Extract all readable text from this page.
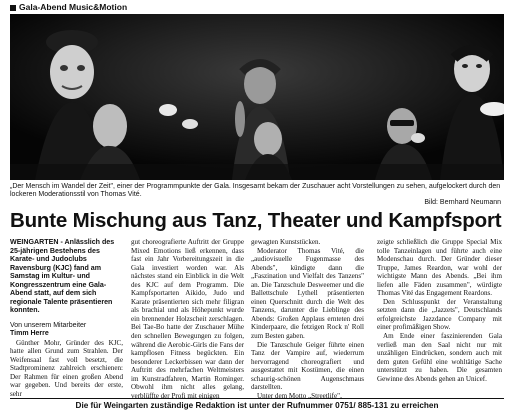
Gala-Abend Music&Motion
„Der Mensch im Wandel der Zeit", einer der Programmpunkte der Gala. Insgesamt bekam der Zuschauer acht Vorstellungen zu sehen, aufgelockert durch den lockeren Moderationsstil von Thomas Vité.
Bild: Bernhard Neumann
Bunte Mischung aus Tanz, Theater und Kampfsport
WEINGARTEN - Anlässlich des 25-jährigen Bestehens des Karate- und Judoclubs Ravensburg (KJC) fand am Samstag im Kultur- und Kongresszentrum eine Gala-Abend statt, auf dem sich regionale Talente präsentieren konnten.
Von unserem Mitarbeiter
Timm Herre

Günther Mohr, Gründer des KJC, hatte allen Grund zum Strahlen. Der Weifensaal fast voll besetzt, die Stadtprominenz zahlreich erschienen: Der Rahmen für einen großen Abend war gegeben. Und bereits der erste, sehr

gut choreografierte Auftritt der Gruppe Mixed Emotions ließ erkennen, dass fast ein Jahr Vorbereitungszeit in die Gala investiert worden war. Als nächstes stand ein Einblick in die Welt des KJC auf dem Programm. Die Kampfsportarten Aikido, Judo und Karate präsentierten sich mehr filigran als brachial und als Höhepunkt wurde ein brennender Holzscheit zerschlagen. Bei Tae-Bo hatte der Zuschauer Mühe den schnellen Bewegungen zu folgen, während die Aerobic-Girls die Fans der kampflosen Fitness begückten. Ein besonderer Leckerbissen war dann der Auftritt des mehrfachen Weltmeisters im Kunstradfahren, Martin Rominger. Obwohl ihm nicht alles gelang, verblüffte der Profi mit einigen

gewagten Kunststücken.

Moderator Thomas Vité, die „audiovisuelle Fugenmasse des Abends", kündigte dann die „Faszination und Vielfalt des Tanzens" an. Die Tanzschule Desweemer und die Ballettschule Lythell präsentierten einen Querschnitt durch die Welt des Tanzens, darunter die Lieblinge des Abends: Großen Applaus ernteten drei Kinderpaare, die fetzigen Rock n' Roll zum Besten gaben.

Die Tanzschule Geiger führte einen Tanz der Vampire auf, wiederrum hervorragend choreografiert und ausgestattet mit Kostümen, die einen schaurig-schönen Augenschmaus darstellten.

Unter dem Motto „Streetlife",

zeigte schließlich die Gruppe Special Mix tolle Tanzeinlagen und führte auch eine Modenschau durch. Der Gründer dieser Truppe, James Reardon, war wohl der wichtigste Mann des Abends. „Bei ihm liefen alle Fäden zusammen", würdigte Thomas Vité das Engagement Reardons.

Den Schlusspunkt der Veranstaltung setzten dann die „Jazzets", Deutschlands erfolgreichste Jazzdance Company mit einer profimäßigen Show.

Am Ende einer faszinierenden Gala verließ man den Saal nicht nur mit unzähligen Eindrücken, sondern auch mit dem guten Gefühl eine wohltätige Sache unterstützt zu haben. Die gesamten Gewinne des Abends gehen an Unicef.

Die für Weingarten zuständige Redaktion ist unter der Rufnummer 0751/ 885-131 zu erreichen
